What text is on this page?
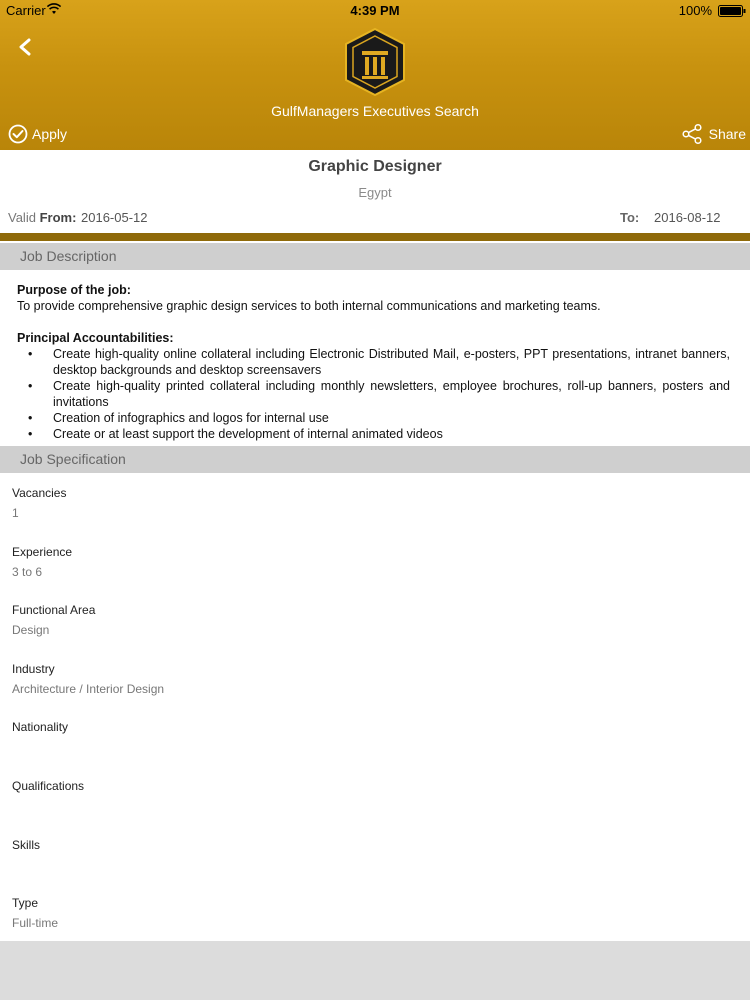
Carrier	4:39 PM	100%
GulfManagers Executives Search
Apply	Share
Graphic Designer
Egypt
Valid From: 2016-05-12	To: 2016-08-12
Job Description
Purpose of the job:
To provide comprehensive graphic design services to both internal communications and marketing teams.
Principal Accountabilities:
• Create high-quality online collateral including Electronic Distributed Mail, e-posters, PPT presentations, intranet banners, desktop backgrounds and desktop screensavers
• Create high-quality printed collateral including monthly newsletters, employee brochures, roll-up banners, posters and invitations
• Creation of infographics and logos for internal use
• Create or at least support the development of internal animated videos
Job Specification
Vacancies
1
Experience
3 to 6
Functional Area
Design
Industry
Architecture / Interior Design
Nationality
Qualifications
Skills
Type
Full-time
